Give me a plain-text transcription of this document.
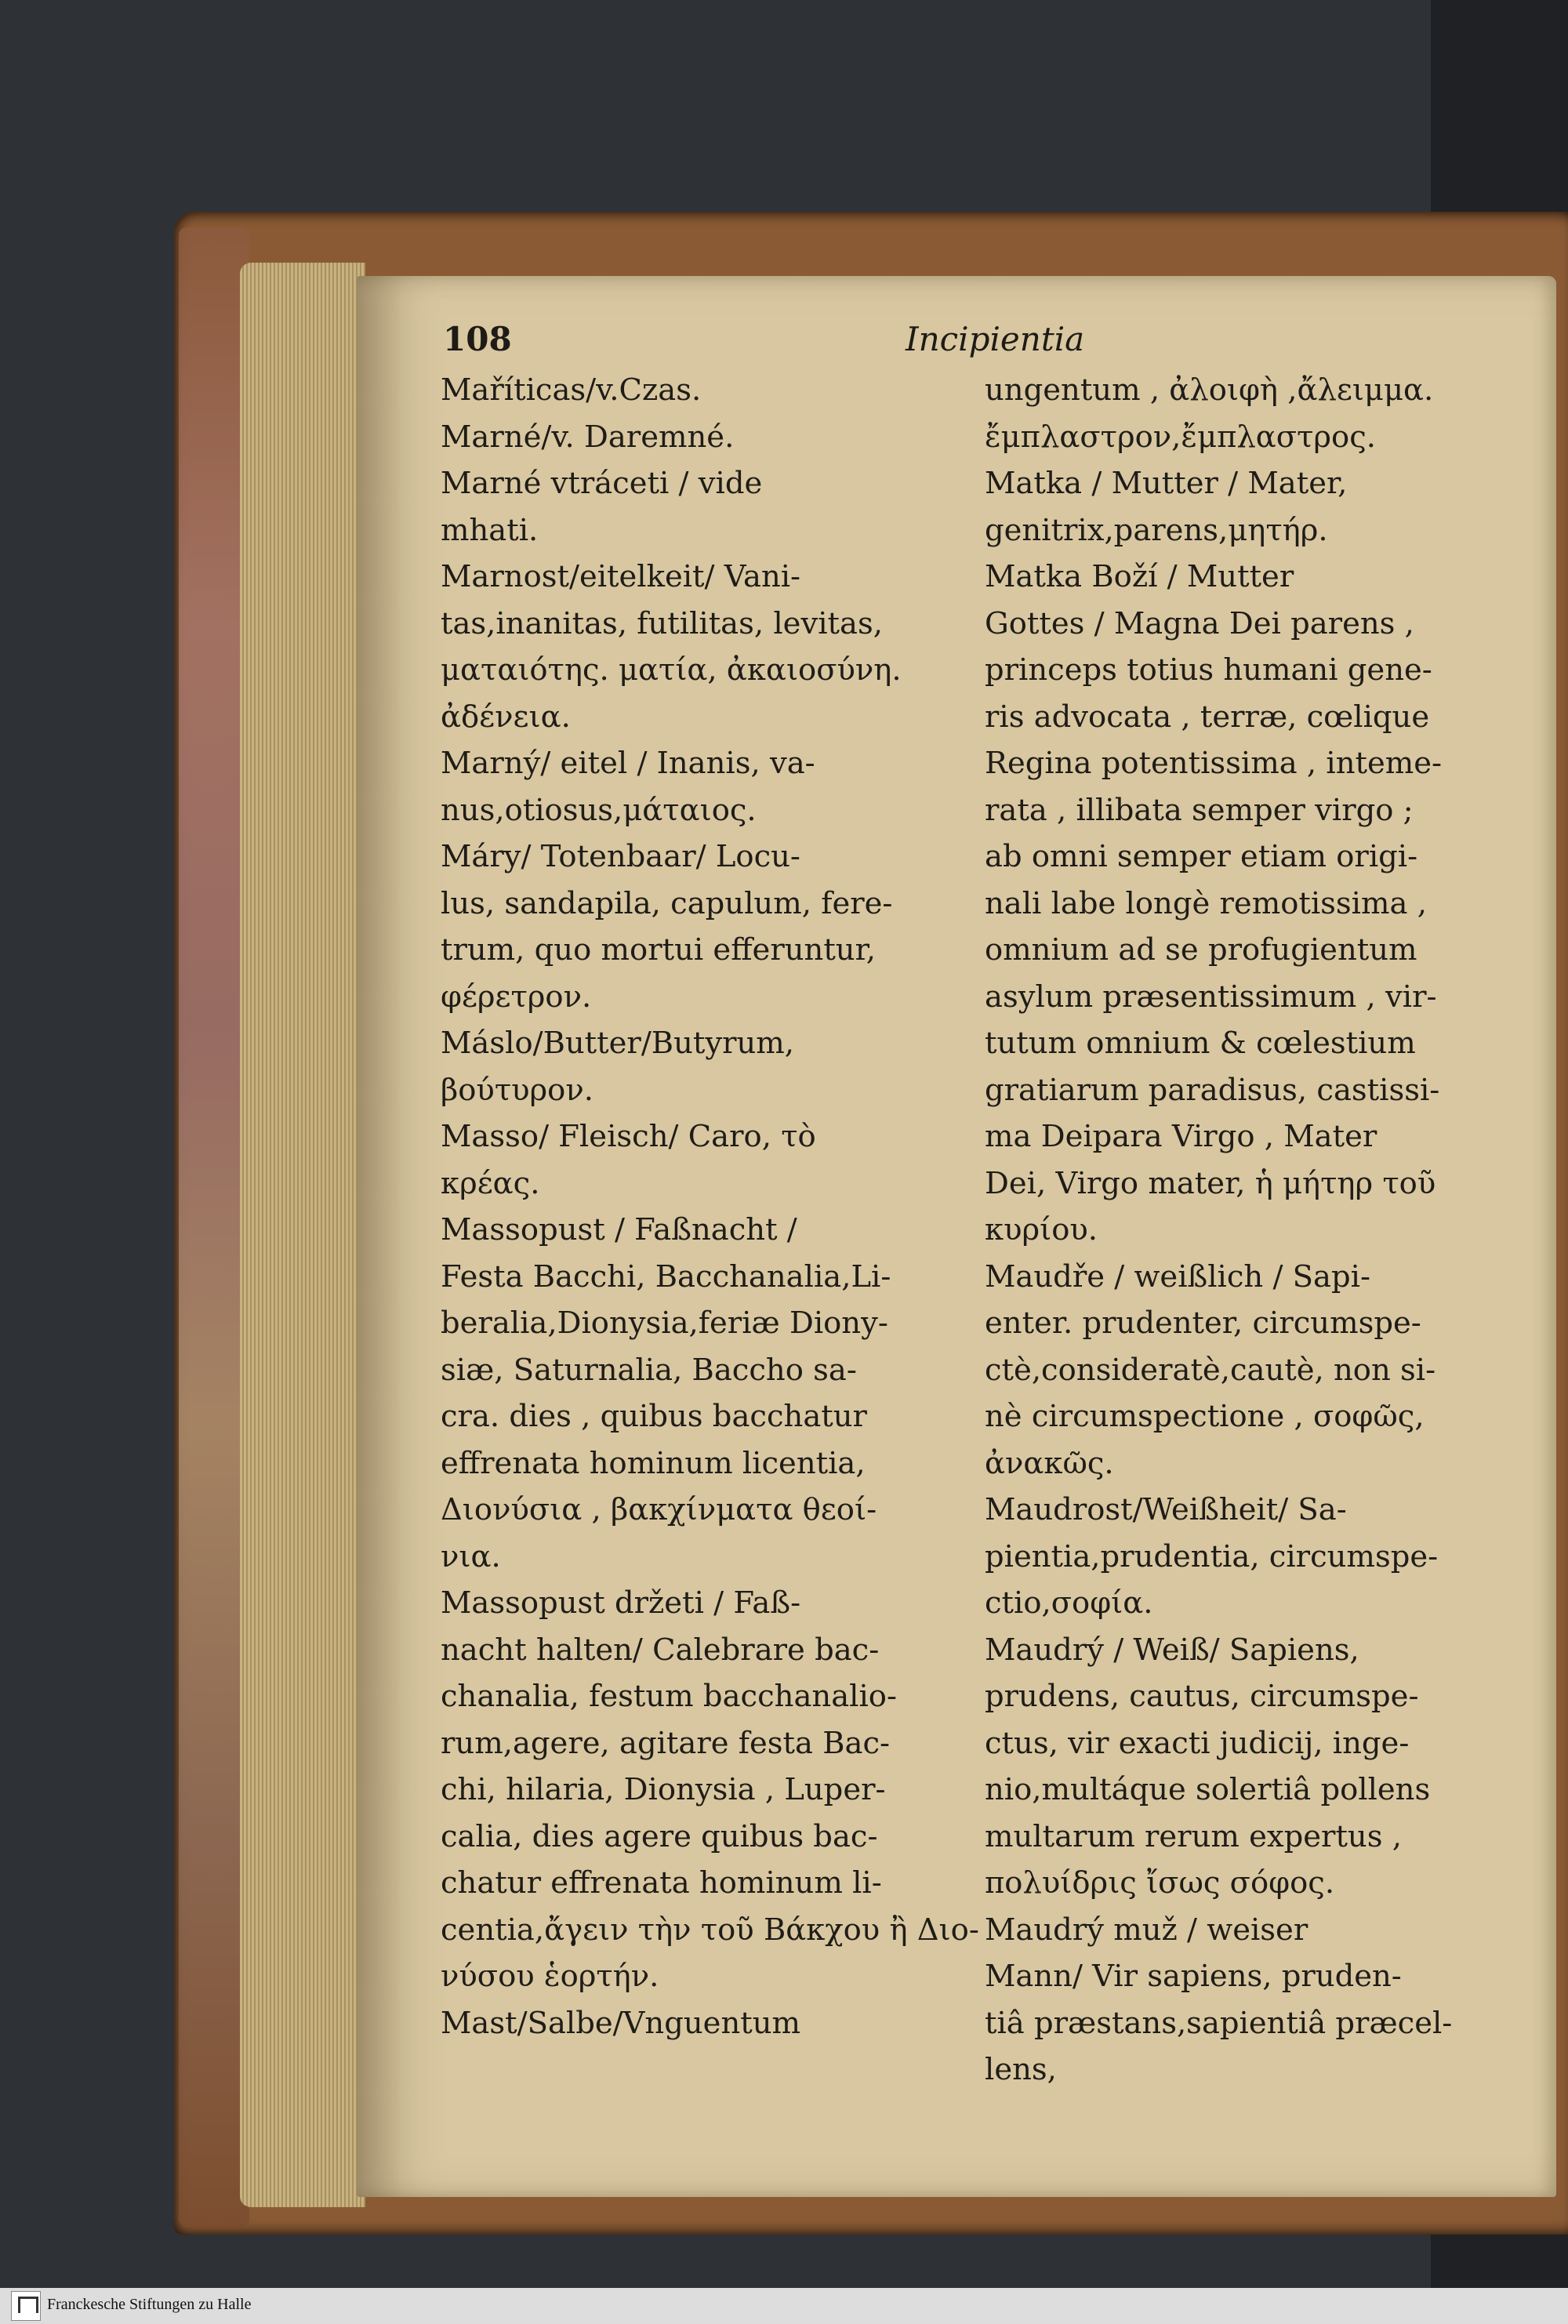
108	Incipientia
Maříticas/v.Czas.
Marné/v. Daremné.
Marné vtráceti / vide
mhati.
Marnost/eitelkeit/ Vani-
tas,inanitas, futilitas, levitas,
ματαιότης. ματία, ἀκαιοσύνη.
ἀδένεια.
Marný/ eitel / Inanis, va-
nus,otiosus,μάταιος.
Máry/ Totenbaar/ Locu-
lus, sandapila, capulum, fere-
trum, quo mortui efferuntur,
φέρετρον.
Máslo/Butter/Butyrum,
βούτυρον.
Masso/ Fleisch/ Caro, τὸ
κρέας.
Massopust / Faßnacht /
Festa Bacchi, Bacchanalia,Li-
beralia,Dionysia,feriæ Diony-
siæ, Saturnalia, Baccho sa-
cra. dies , quibus bacchatur
effrenata hominum licentia,
Διονύσια , βακχίνματα θεοί-
νια.
Massopust držeti / Faß-
nacht halten/ Calebrare bac-
chanalia, festum bacchanalio-
rum,agere, agitare festa Bac-
chi, hilaria, Dionysia , Luper-
calia, dies agere quibus bac-
chatur effrenata hominum li-
centia,ἄγειν τὴν τοῦ Βάκχου ἢ Διο-
νύσου ἑορτήν.
Mast/Salbe/Vnguentum
ungentum , ἀλοιφὴ ,ἄλειμμα.
ἔμπλαστρον,ἔμπλαστρος.
Matka / Mutter / Mater,
genitrix,parens,μητήρ.
Matka Boží / Mutter
Gottes / Magna Dei parens ,
princeps totius humani gene-
ris advocata , terræ, cœlique
Regina potentissima , inteme-
rata , illibata semper virgo ;
ab omni semper etiam origi-
nali labe longè remotissima ,
omnium ad se profugientum
asylum præsentissimum , vir-
tutum omnium & cœlestium
gratiarum paradisus, castissi-
ma Deipara Virgo , Mater
Dei, Virgo mater, ἡ μήτηρ τοῦ
κυρίου.
Maudře / weißlich / Sapi-
enter. prudenter, circumspe-
ctè,consideratè,cautè, non si-
nè circumspectione , σοφῶς,
ἀνακῶς.
Maudrost/Weißheit/ Sa-
pientia,prudentia, circumspe-
ctio,σοφία.
Maudrý / Weiß/ Sapiens,
prudens, cautus, circumspe-
ctus, vir exacti judicij, inge-
nio,multáque solertiâ pollens
multarum rerum expertus ,
πολυίδρις ἴσως σόφος.
Maudrý muž / weiser
Mann/ Vir sapiens, pruden-
tiâ præstans,sapientiâ præcel-
lens,
Franckesche Stiftungen zu Halle
